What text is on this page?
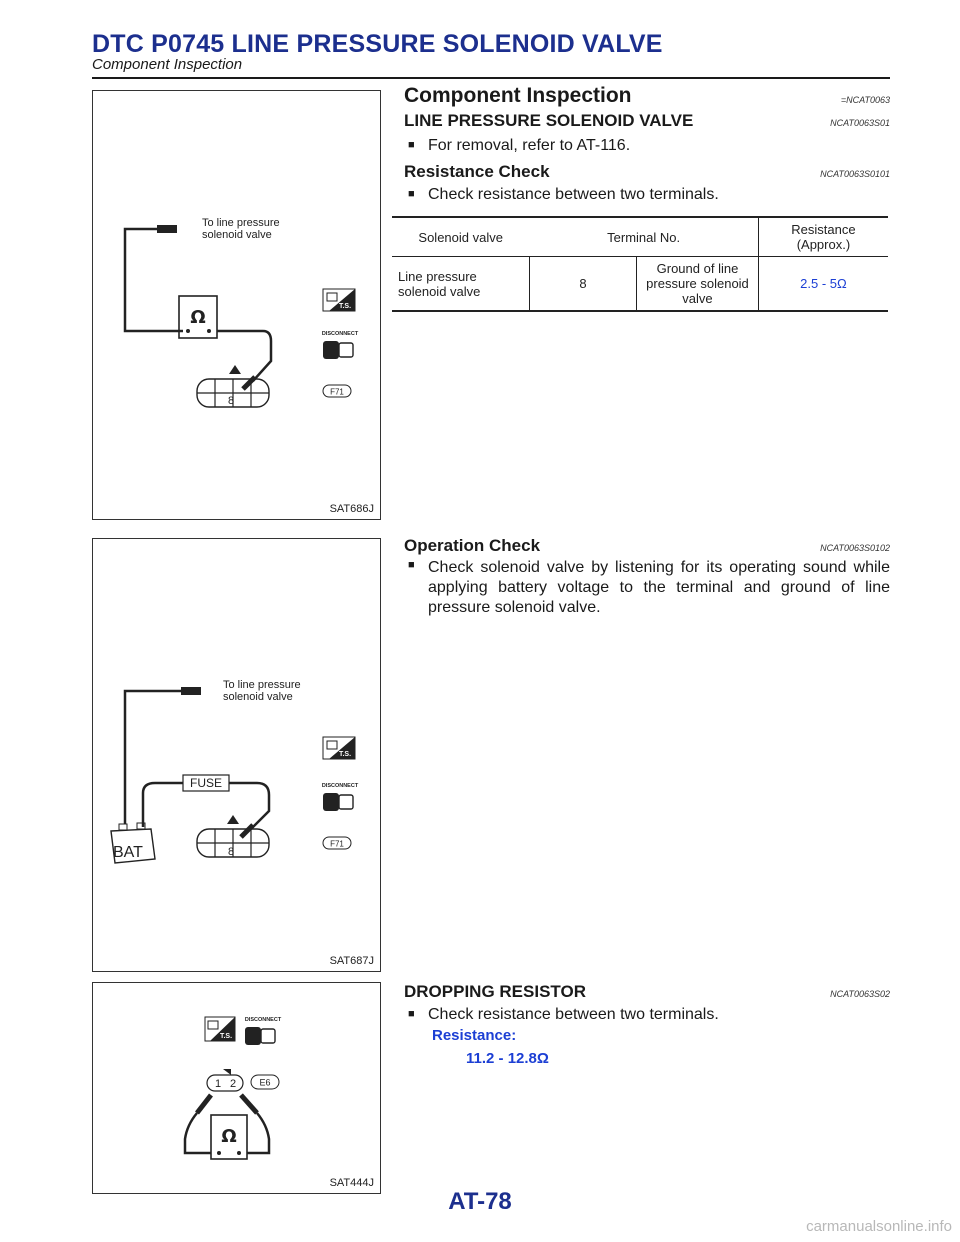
DTC P0745 LINE PRESSURE SOLENOID VALVE
Component Inspection
Ω
8
T.S.
DISCONNECT
F71
To line pressure solenoid valve
SAT686J
BAT
FUSE
8
T.S.
DISCONNECT
F71
To line pressure solenoid valve
SAT687J
T.S.
DISCONNECT
1 2	E6
Ω
SAT444J
Component Inspection	=NCAT0063
LINE PRESSURE SOLENOID VALVE	NCAT0063S01
■ For removal, refer to AT-116.
Resistance Check	NCAT0063S0101
■ Check resistance between two terminals.
Solenoid valve	Terminal No.		Resistance (Approx.)
Line pressure solenoid valve	8	Ground of line pressure solenoid valve	2.5 - 5Ω
Operation Check	NCAT0063S0102
■ Check solenoid valve by listening for its operating sound while applying battery voltage to the terminal and ground of line pressure solenoid valve.
DROPPING RESISTOR	NCAT0063S02
■ Check resistance between two terminals.
Resistance:
11.2 - 12.8Ω
AT-78
carmanualsonline.info
